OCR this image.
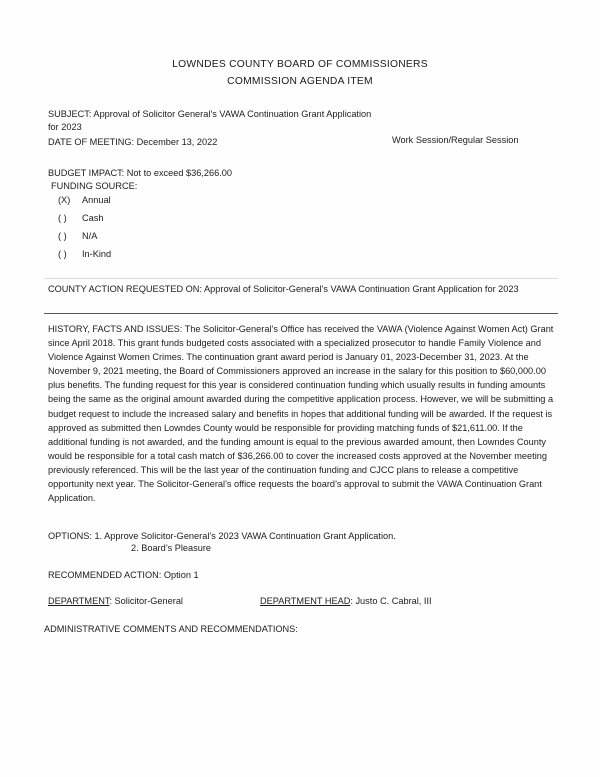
LOWNDES COUNTY BOARD OF COMMISSIONERS
COMMISSION AGENDA ITEM
SUBJECT: Approval of Solicitor General’s VAWA Continuation Grant Application for 2023
DATE OF MEETING: December 13, 2022	Work Session/Regular Session
BUDGET IMPACT: Not to exceed $36,266.00
FUNDING SOURCE:
(X)	Annual
( )	Cash
( )	N/A
( )	In-Kind
COUNTY ACTION REQUESTED ON: Approval of Solicitor-General’s VAWA Continuation Grant Application for 2023
HISTORY, FACTS AND ISSUES: The Solicitor-General’s Office has received the VAWA (Violence Against Women Act) Grant since April 2018. This grant funds budgeted costs associated with a specialized prosecutor to handle Family Violence and Violence Against Women Crimes. The continuation grant award period is January 01, 2023-December 31, 2023. At the November 9, 2021 meeting, the Board of Commissioners approved an increase in the salary for this position to $60,000.00 plus benefits. The funding request for this year is considered continuation funding which usually results in funding amounts being the same as the original amount awarded during the competitive application process. However, we will be submitting a budget request to include the increased salary and benefits in hopes that additional funding will be awarded. If the request is approved as submitted then Lowndes County would be responsible for providing matching funds of $21,611.00. If the additional funding is not awarded, and the funding amount is equal to the previous awarded amount, then Lowndes County would be responsible for a total cash match of $36,266.00 to cover the increased costs approved at the November meeting previously referenced. This will be the last year of the continuation funding and CJCC plans to release a competitive opportunity next year. The Solicitor-General’s office requests the board’s approval to submit the VAWA Continuation Grant Application.
OPTIONS: 1. Approve Solicitor-General’s 2023 VAWA Continuation Grant Application.
2. Board’s Pleasure
RECOMMENDED ACTION: Option 1
DEPARTMENT: Solicitor-General	DEPARTMENT HEAD: Justo C. Cabral, III
ADMINISTRATIVE COMMENTS AND RECOMMENDATIONS:
